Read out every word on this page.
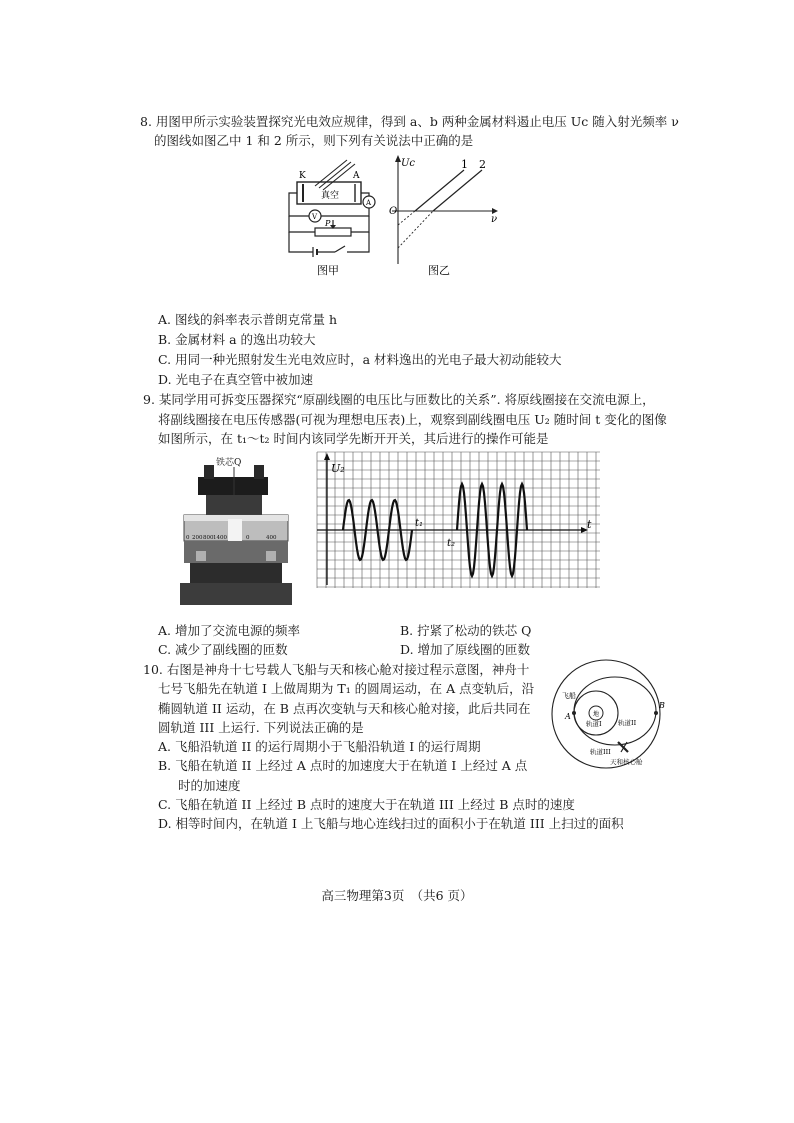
8. 用图甲所示实验装置探究光电效应规律，得到 a、b 两种金属材料遏止电压 Uc 随入射光频率 ν
的图线如图乙中 1 和 2 所示，则下列有关说法中正确的是
K	A
真空
A
V
P
图甲
Uc
ν
O
1 2
图乙
A. 图线的斜率表示普朗克常量 h
B. 金属材料 a 的逸出功较大
C. 用同一种光照射发生光电效应时，a 材料逸出的光电子最大初动能较大
D. 光电子在真空管中被加速
9. 某同学用可拆变压器探究“原副线圈的电压比与匝数比的关系”. 将原线圈接在交流电源上，
将副线圈接在电压传感器(可视为理想电压表)上，观察到副线圈电压 U₂ 随时间 t 变化的图像
如图所示，在 t₁～t₂ 时间内该同学先断开开关，其后进行的操作可能是
铁芯Q
0 200 800 1400	0	400
U₂
t
t₁
t₂
A. 增加了交流电源的频率	B. 拧紧了松动的铁芯 Q
C. 减少了副线圈的匝数	D. 增加了原线圈的匝数
10. 右图是神舟十七号载人飞船与天和核心舱对接过程示意图，神舟十
七号飞船先在轨道 I 上做周期为 T₁ 的圆周运动，在 A 点变轨后，沿
椭圆轨道 II 运动，在 B 点再次变轨与天和核心舱对接，此后共同在
圆轨道 III 上运行. 下列说法正确的是
飞船
A
B
地
轨道I	轨道II
轨道III
天和核心舱
A. 飞船沿轨道 II 的运行周期小于飞船沿轨道 I 的运行周期
B. 飞船在轨道 II 上经过 A 点时的加速度大于在轨道 I 上经过 A 点
时的加速度
C. 飞船在轨道 II 上经过 B 点时的速度大于在轨道 III 上经过 B 点时的速度
D. 相等时间内，在轨道 I 上飞船与地心连线扫过的面积小于在轨道 III 上扫过的面积
高三物理第3页　（共6 页）
